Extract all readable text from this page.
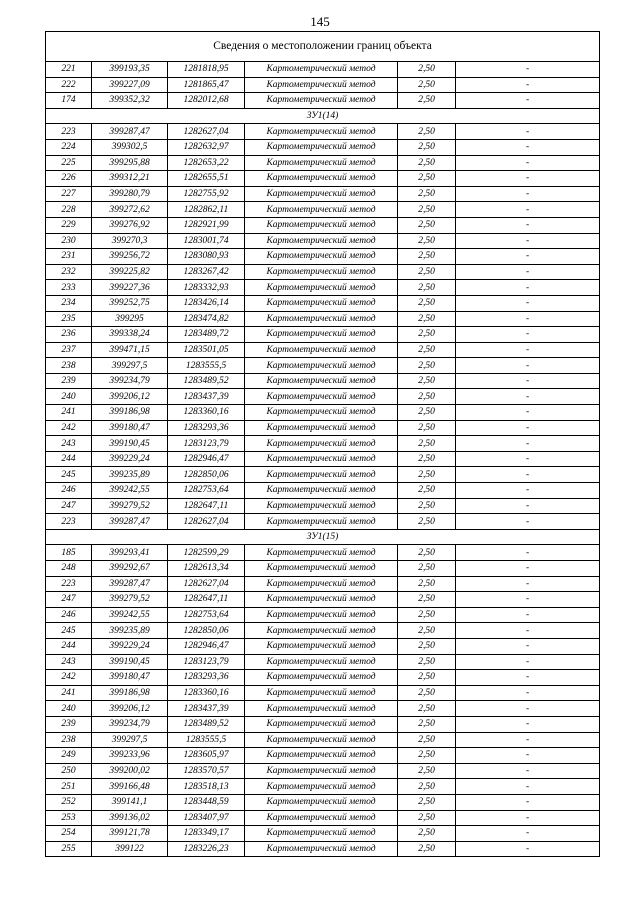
145
Сведения о местоположении границ объекта					
221	399193,35	1281818,95	Картометрический метод	2,50	-
222	399227,09	1281865,47	Картометрический метод	2,50	-
174	399352,32	1282012,68	Картометрический метод	2,50	-
ЗУ1(14)					
223	399287,47	1282627,04	Картометрический метод	2,50	-
224	399302,5	1282632,97	Картометрический метод	2,50	-
225	399295,88	1282653,22	Картометрический метод	2,50	-
226	399312,21	1282655,51	Картометрический метод	2,50	-
227	399280,79	1282755,92	Картометрический метод	2,50	-
228	399272,62	1282862,11	Картометрический метод	2,50	-
229	399276,92	1282921,99	Картометрический метод	2,50	-
230	399270,3	1283001,74	Картометрический метод	2,50	-
231	399256,72	1283080,93	Картометрический метод	2,50	-
232	399225,82	1283267,42	Картометрический метод	2,50	-
233	399227,36	1283332,93	Картометрический метод	2,50	-
234	399252,75	1283426,14	Картометрический метод	2,50	-
235	399295	1283474,82	Картометрический метод	2,50	-
236	399338,24	1283489,72	Картометрический метод	2,50	-
237	399471,15	1283501,05	Картометрический метод	2,50	-
238	399297,5	1283555,5	Картометрический метод	2,50	-
239	399234,79	1283489,52	Картометрический метод	2,50	-
240	399206,12	1283437,39	Картометрический метод	2,50	-
241	399186,98	1283360,16	Картометрический метод	2,50	-
242	399180,47	1283293,36	Картометрический метод	2,50	-
243	399190,45	1283123,79	Картометрический метод	2,50	-
244	399229,24	1282946,47	Картометрический метод	2,50	-
245	399235,89	1282850,06	Картометрический метод	2,50	-
246	399242,55	1282753,64	Картометрический метод	2,50	-
247	399279,52	1282647,11	Картометрический метод	2,50	-
223	399287,47	1282627,04	Картометрический метод	2,50	-
ЗУ1(15)					
185	399293,41	1282599,29	Картометрический метод	2,50	-
248	399292,67	1282613,34	Картометрический метод	2,50	-
223	399287,47	1282627,04	Картометрический метод	2,50	-
247	399279,52	1282647,11	Картометрический метод	2,50	-
246	399242,55	1282753,64	Картометрический метод	2,50	-
245	399235,89	1282850,06	Картометрический метод	2,50	-
244	399229,24	1282946,47	Картометрический метод	2,50	-
243	399190,45	1283123,79	Картометрический метод	2,50	-
242	399180,47	1283293,36	Картометрический метод	2,50	-
241	399186,98	1283360,16	Картометрический метод	2,50	-
240	399206,12	1283437,39	Картометрический метод	2,50	-
239	399234,79	1283489,52	Картометрический метод	2,50	-
238	399297,5	1283555,5	Картометрический метод	2,50	-
249	399233,96	1283605,97	Картометрический метод	2,50	-
250	399200,02	1283570,57	Картометрический метод	2,50	-
251	399166,48	1283518,13	Картометрический метод	2,50	-
252	399141,1	1283448,59	Картометрический метод	2,50	-
253	399136,02	1283407,97	Картометрический метод	2,50	-
254	399121,78	1283349,17	Картометрический метод	2,50	-
255	399122	1283226,23	Картометрический метод	2,50	-
